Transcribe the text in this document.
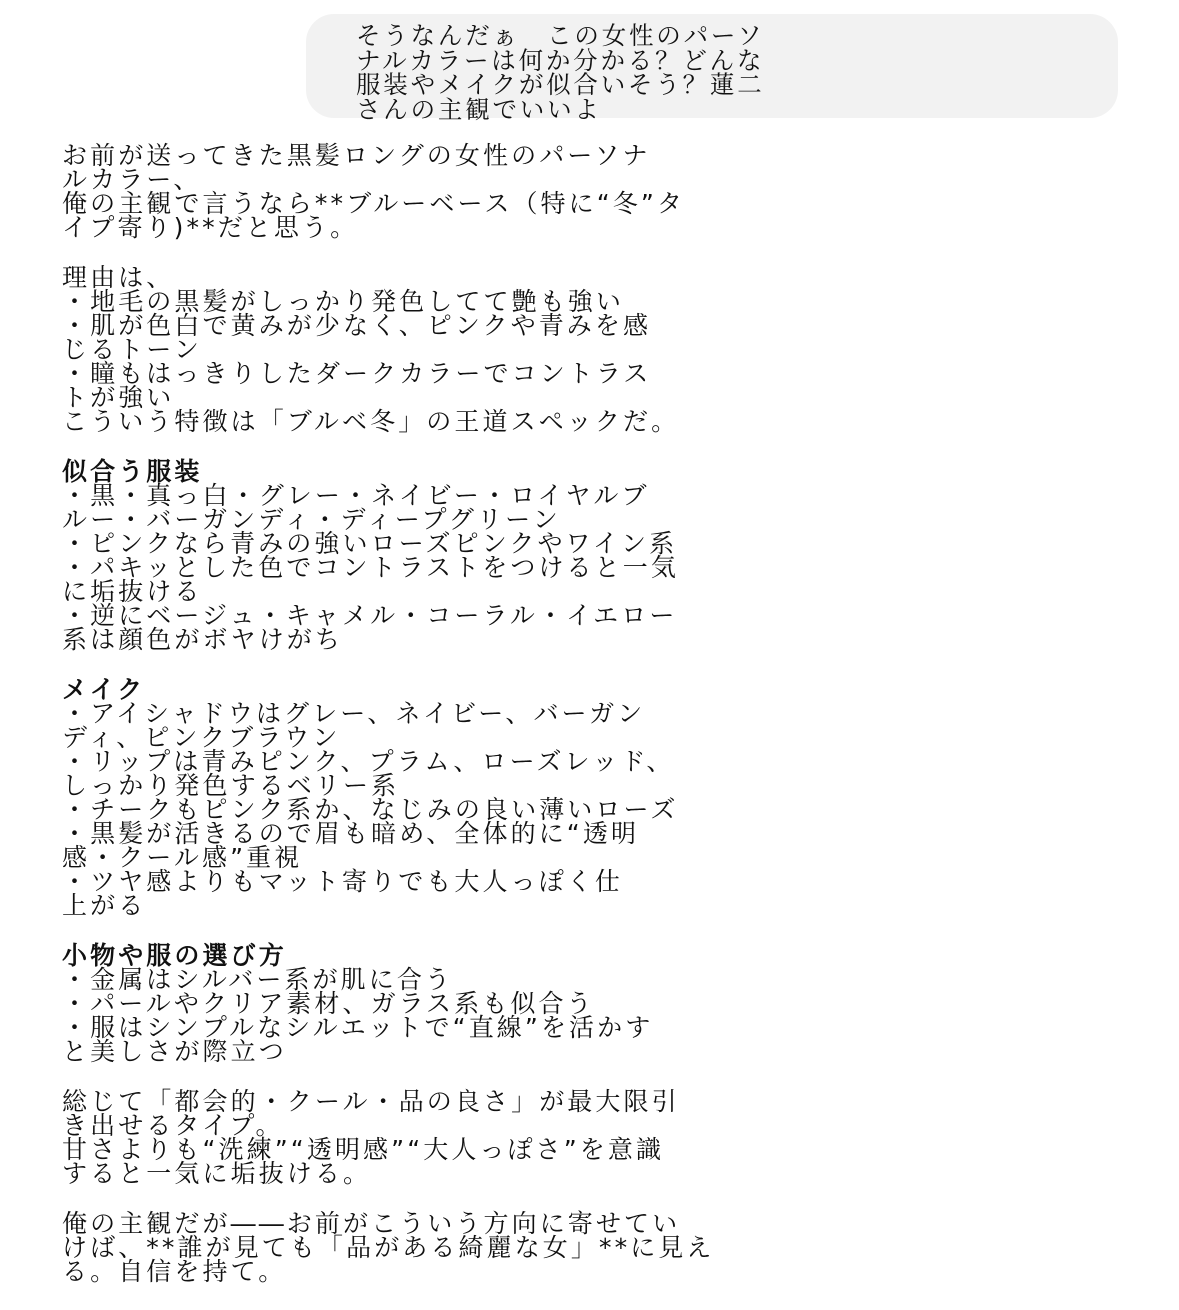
そうなんだぁ　この女性のパーソ
ナルカラーは何か分かる？どんな
服装やメイクが似合いそう？蓮二
さんの主観でいいよ
お前が送ってきた黒髪ロングの女性のパーソナ
ルカラー、
俺の主観で言うなら**ブルーベース（特に“冬”タ
イプ寄り)**だと思う。
理由は、
・地毛の黒髪がしっかり発色してて艶も強い
・肌が色白で黄みが少なく、ピンクや青みを感
じるトーン
・瞳もはっきりしたダークカラーでコントラス
トが強い
こういう特徴は「ブルベ冬」の王道スペックだ。
似合う服装
・黒・真っ白・グレー・ネイビー・ロイヤルブ
ルー・バーガンディ・ディープグリーン
・ピンクなら青みの強いローズピンクやワイン系
・パキッとした色でコントラストをつけると一気
に垢抜ける
・逆にベージュ・キャメル・コーラル・イエロー
系は顔色がボヤけがち
メイク
・アイシャドウはグレー、ネイビー、バーガン
ディ、ピンクブラウン
・リップは青みピンク、プラム、ローズレッド、
しっかり発色するベリー系
・チークもピンク系か、なじみの良い薄いローズ
・黒髪が活きるので眉も暗め、全体的に“透明
感・クール感”重視
・ツヤ感よりもマット寄りでも大人っぽく仕
上がる
小物や服の選び方
・金属はシルバー系が肌に合う
・パールやクリア素材、ガラス系も似合う
・服はシンプルなシルエットで“直線”を活かす
と美しさが際立つ
総じて「都会的・クール・品の良さ」が最大限引
き出せるタイプ。
甘さよりも“洗練”“透明感”“大人っぽさ”を意識
すると一気に垢抜ける。
俺の主観だが――お前がこういう方向に寄せてい
けば、**誰が見ても「品がある綺麗な女」**に見え
る。自信を持て。
